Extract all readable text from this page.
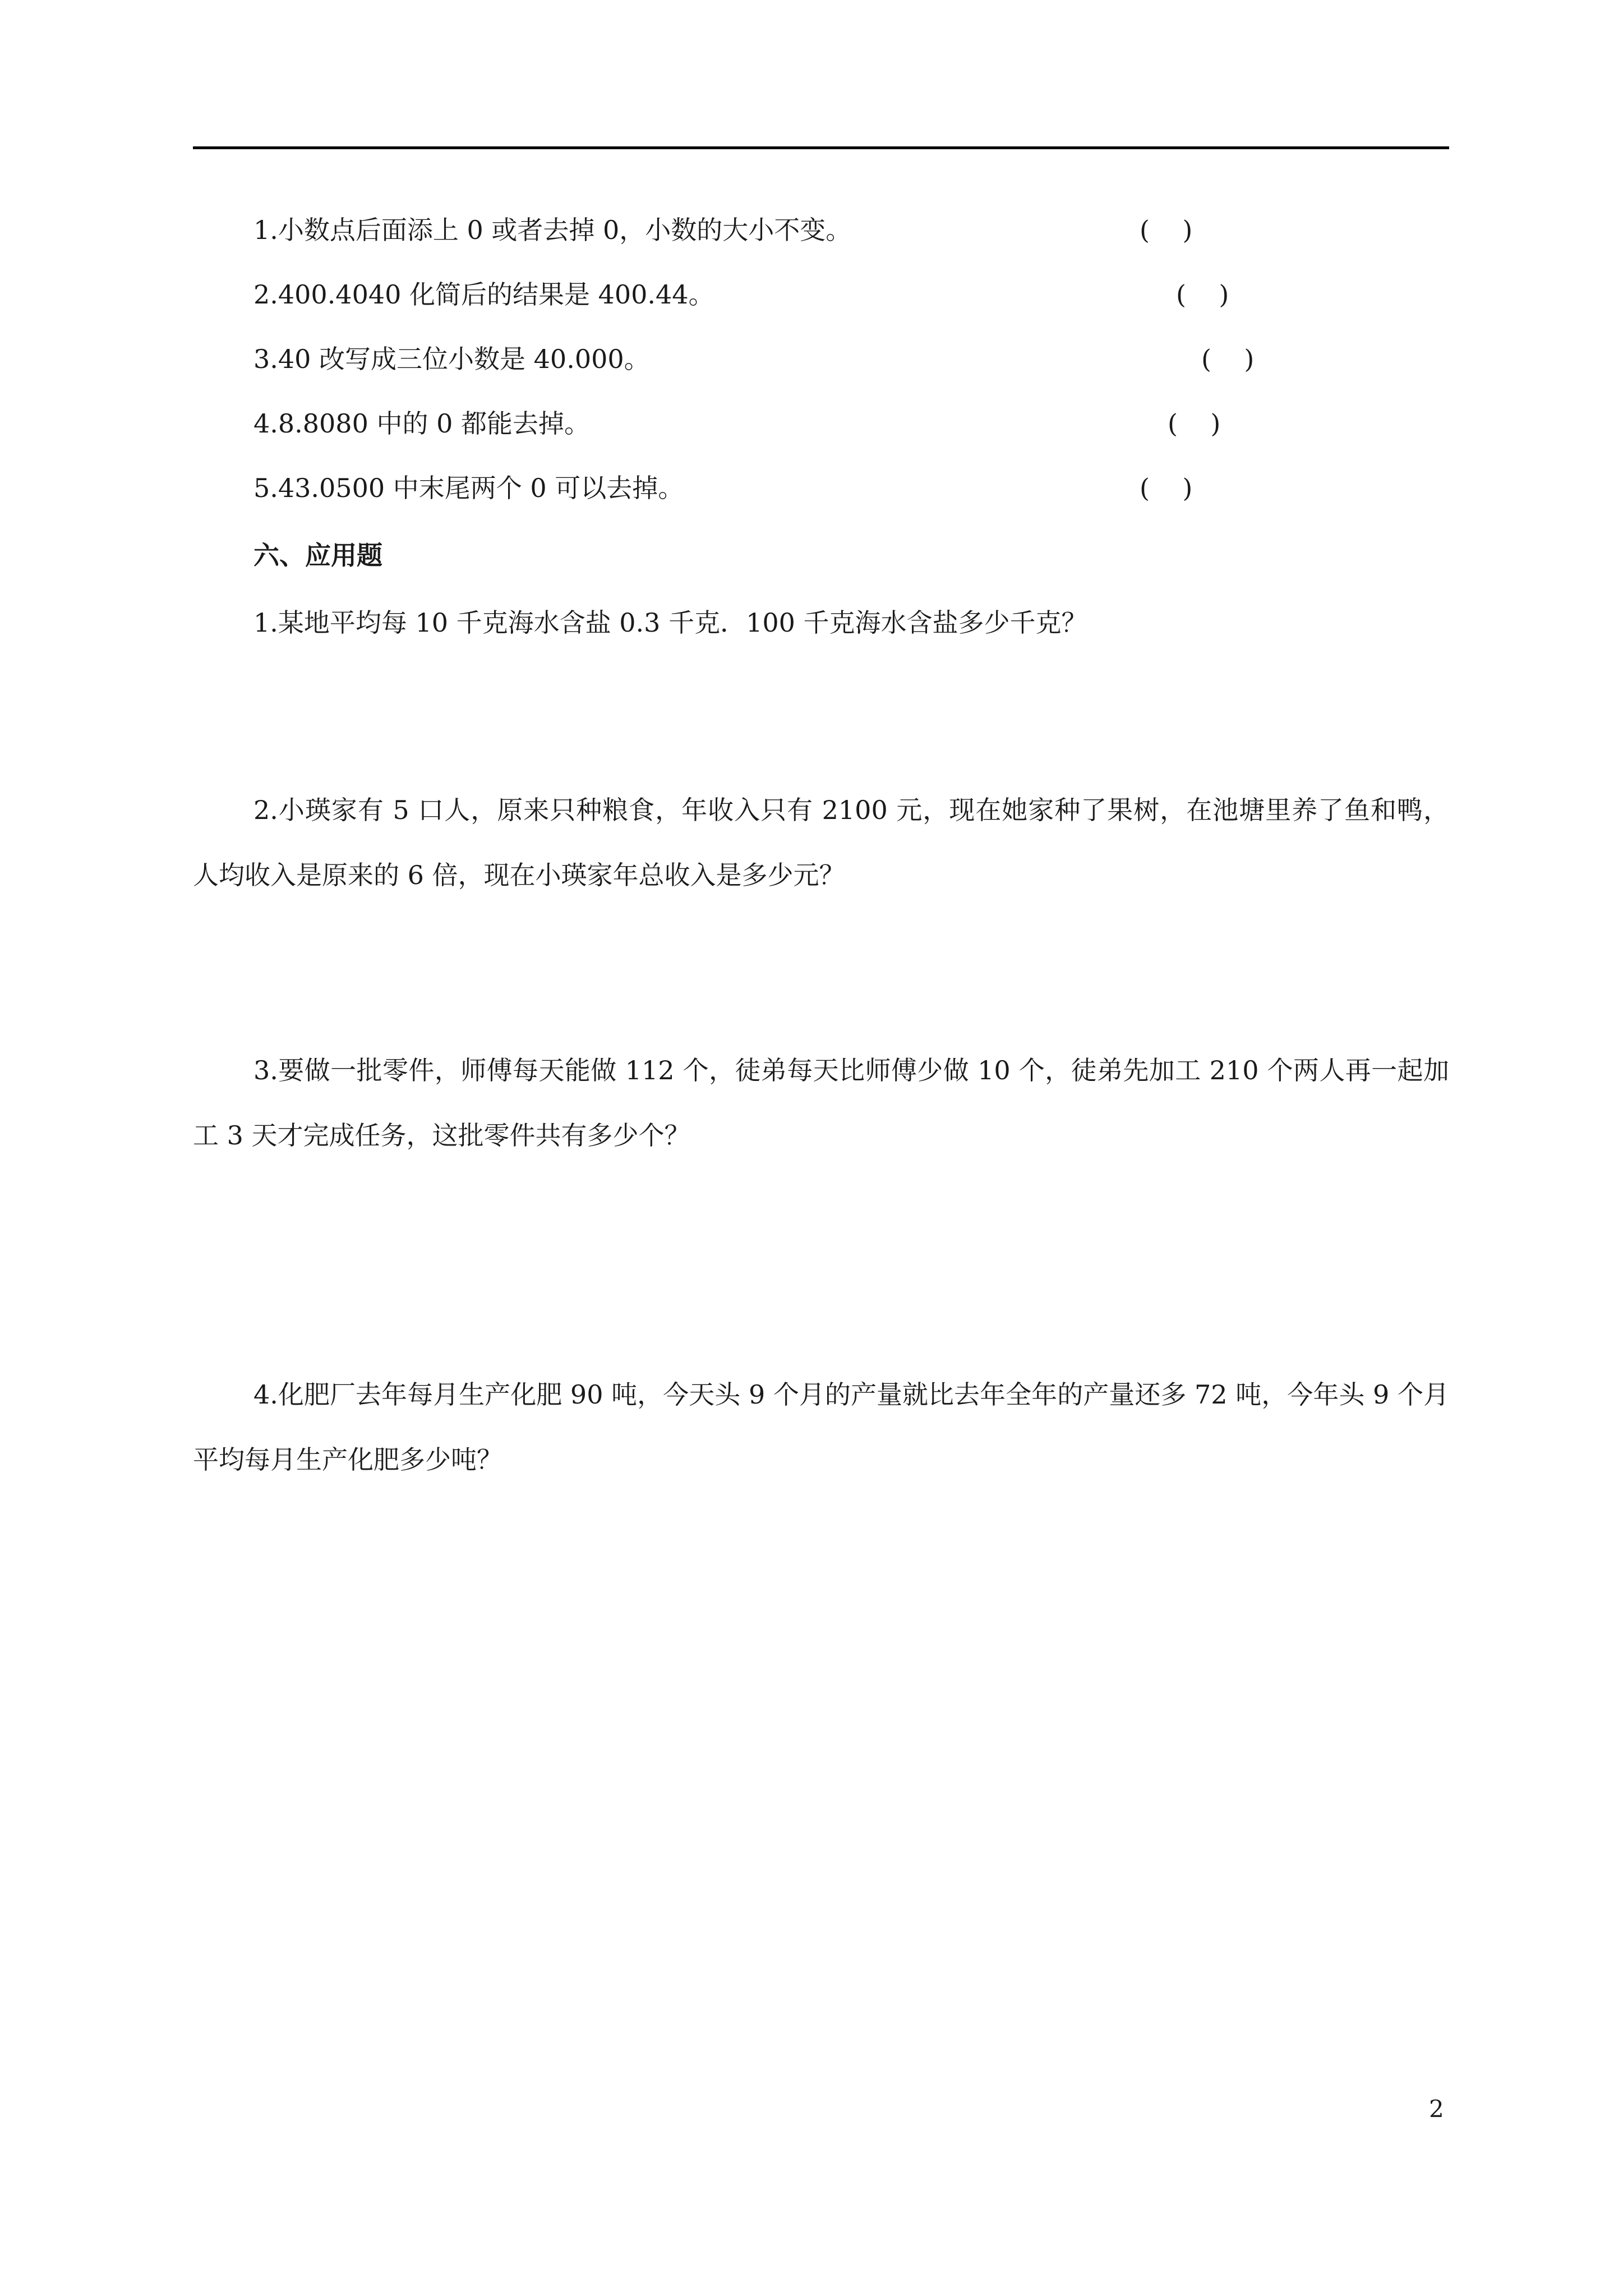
1.小数点后面添上 0 或者去掉 0，小数的大小不变。	(    )
2.400.4040 化简后的结果是 400.44。	(    )
3.40 改写成三位小数是 40.000。	(    )
4.8.8080 中的 0 都能去掉。	(    )
5.43.0500 中末尾两个 0 可以去掉。	(    )
六、应用题

1.某地平均每 10 千克海水含盐 0.3 千克．100 千克海水含盐多少千克？

2.小瑛家有 5 口人，原来只种粮食，年收入只有 2100 元，现在她家种了果树，在池塘里养了鱼和鸭，人均收入是原来的 6 倍，现在小瑛家年总收入是多少元？

3.要做一批零件，师傅每天能做 112 个，徒弟每天比师傅少做 10 个，徒弟先加工 210 个两人再一起加工 3 天才完成任务，这批零件共有多少个？

4.化肥厂去年每月生产化肥 90 吨，今天头 9 个月的产量就比去年全年的产量还多 72 吨，今年头 9 个月平均每月生产化肥多少吨？

2
